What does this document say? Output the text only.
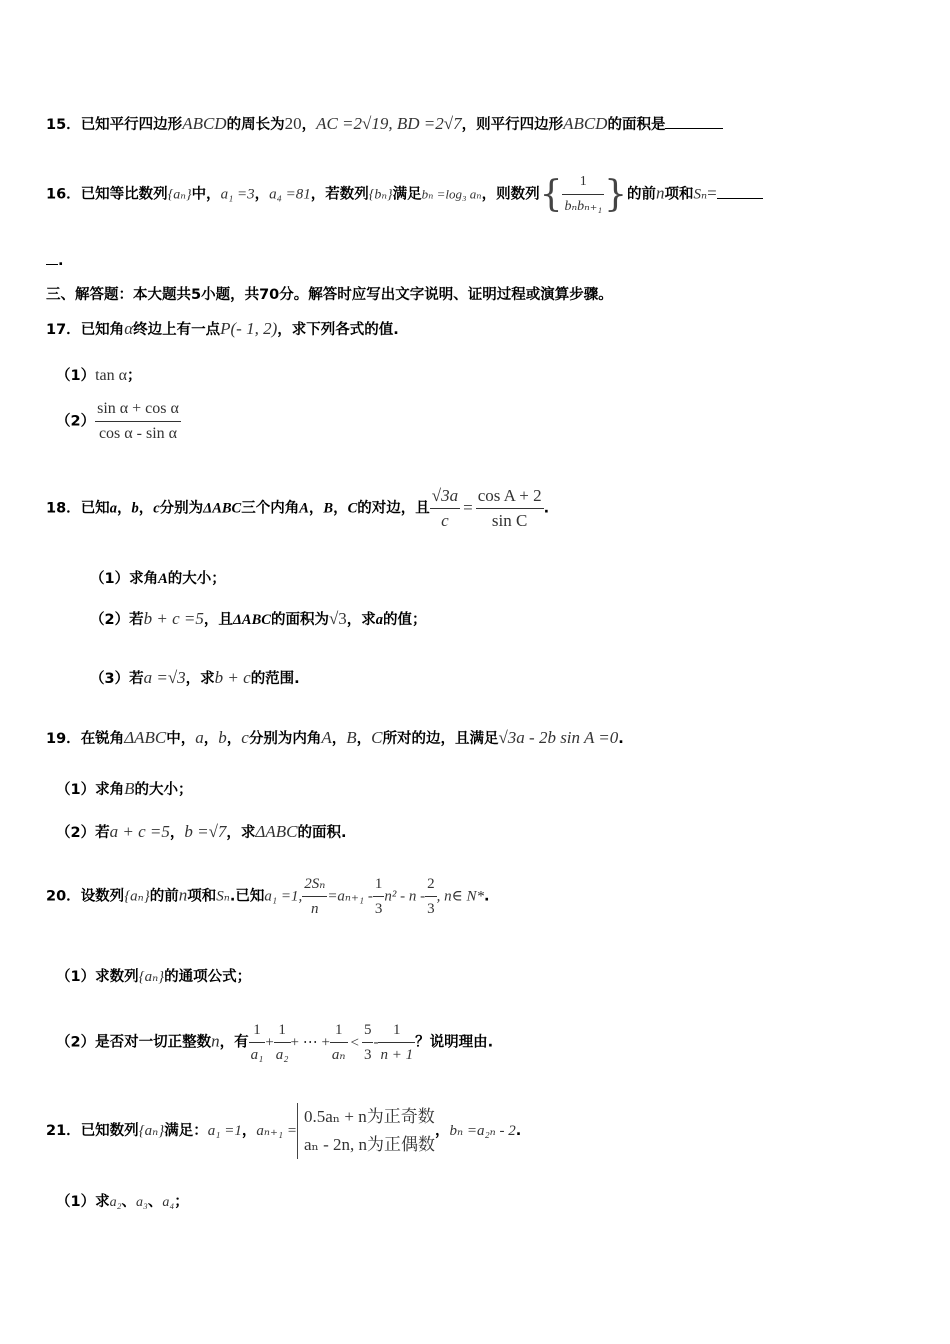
15．已知平行四边形ABCD的周长为20，AC =2√19, BD =2√7，则平行四边形ABCD的面积是
16．已知等比数列{aₙ}中，a₁ =3，a₄ =81，若数列{bₙ}满足bₙ =log₃ aₙ，则数列{ $\frac{1}{\text{bₙbₙ₊₁}}$ }的前n项和Sₙ=
.
三、解答题：本大题共5小题，共70分。解答时应写出文字说明、证明过程或演算步骤。
17．已知角α终边上有一点P(- 1, 2)，求下列各式的值.
（1）tan α；
$(2) \frac{\text{sin α + cos α}}{\text{cos α - sin α}}$
18．已知a，b，c分别为ΔABC三个内角A，B，C的对边，且 $\frac{√3a}{c} = \frac{\text{cos A + 2}}{\text{sin C}}$ .
（1）求角A的大小；
（2）若b + c =5，且ΔABC的面积为√3，求a的值；
（3）若a =√3，求b + c的范围.
19．在锐角ΔABC中，a，b，c分别为内角A，B，C所对的边，且满足√3a - 2b sin A =0.
（1）求角B的大小；
（2）若a + c =5，b =√7，求ΔABC的面积.
20．设数列{aₙ}的前n项和Sₙ.已知a₁ =1, $\frac{\text{2Sₙ}}{n} =a_{n+1} - \frac{1}{3} n^2 - n - \frac{2}{3}$ , n∈ N*.
（1）求数列{aₙ}的通项公式；
（2）是否对一切正整数n，有 $\frac{1}{\text{a₁}} + \frac{1}{\text{a₂}}$ + ⋯ + $\frac{1}{\text{aₙ}} < \frac{5}{3} - \frac{1}{n + 1}$ ？说明理由.
21．已知数列{aₙ}满足：a₁ =1，aₙ₊₁ =
0.5aₙ + n为正奇数
aₙ - 2n, n为正偶数
，bₙ =a₂ₙ - 2.
（1）求a₂、a₃、a₄；
